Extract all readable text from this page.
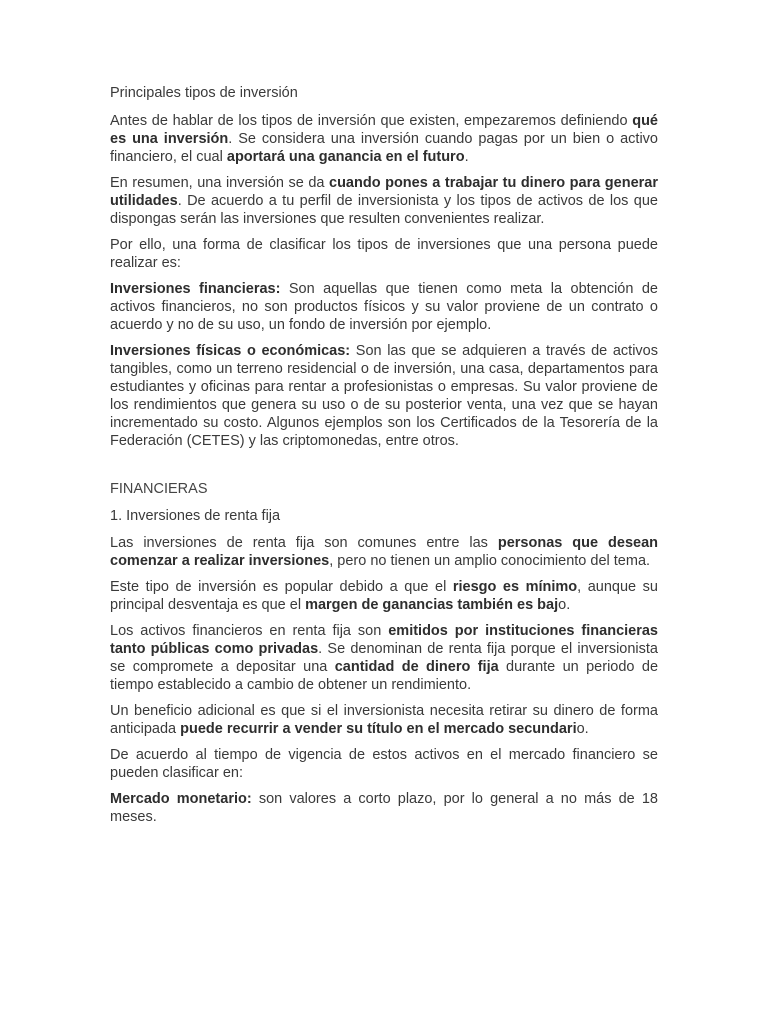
Principales tipos de inversión

Antes de hablar de los tipos de inversión que existen, empezaremos definiendo qué es una inversión. Se considera una inversión cuando pagas por un bien o activo financiero, el cual aportará una ganancia en el futuro.

En resumen, una inversión se da cuando pones a trabajar tu dinero para generar utilidades. De acuerdo a tu perfil de inversionista y los tipos de activos de los que dispongas serán las inversiones que resulten convenientes realizar.

Por ello, una forma de clasificar los tipos de inversiones que una persona puede realizar es:

Inversiones financieras: Son aquellas que tienen como meta la obtención de activos financieros, no son productos físicos y su valor proviene de un contrato o acuerdo y no de su uso, un fondo de inversión por ejemplo.

Inversiones físicas o económicas: Son las que se adquieren a través de activos tangibles, como un terreno residencial o de inversión, una casa, departamentos para estudiantes y oficinas para rentar a profesionistas o empresas. Su valor proviene de los rendimientos que genera su uso o de su posterior venta, una vez que se hayan incrementado su costo. Algunos ejemplos son los Certificados de la Tesorería de la Federación (CETES) y las criptomonedas, entre otros.

FINANCIERAS
1. Inversiones de renta fija

Las inversiones de renta fija son comunes entre las personas que desean comenzar a realizar inversiones, pero no tienen un amplio conocimiento del tema.

Este tipo de inversión es popular debido a que el riesgo es mínimo, aunque su principal desventaja es que el margen de ganancias también es bajo.

Los activos financieros en renta fija son emitidos por instituciones financieras tanto públicas como privadas. Se denominan de renta fija porque el inversionista se compromete a depositar una cantidad de dinero fija durante un periodo de tiempo establecido a cambio de obtener un rendimiento.

Un beneficio adicional es que si el inversionista necesita retirar su dinero de forma anticipada puede recurrir a vender su título en el mercado secundario.

De acuerdo al tiempo de vigencia de estos activos en el mercado financiero se pueden clasificar en:

Mercado monetario: son valores a corto plazo, por lo general a no más de 18 meses.
